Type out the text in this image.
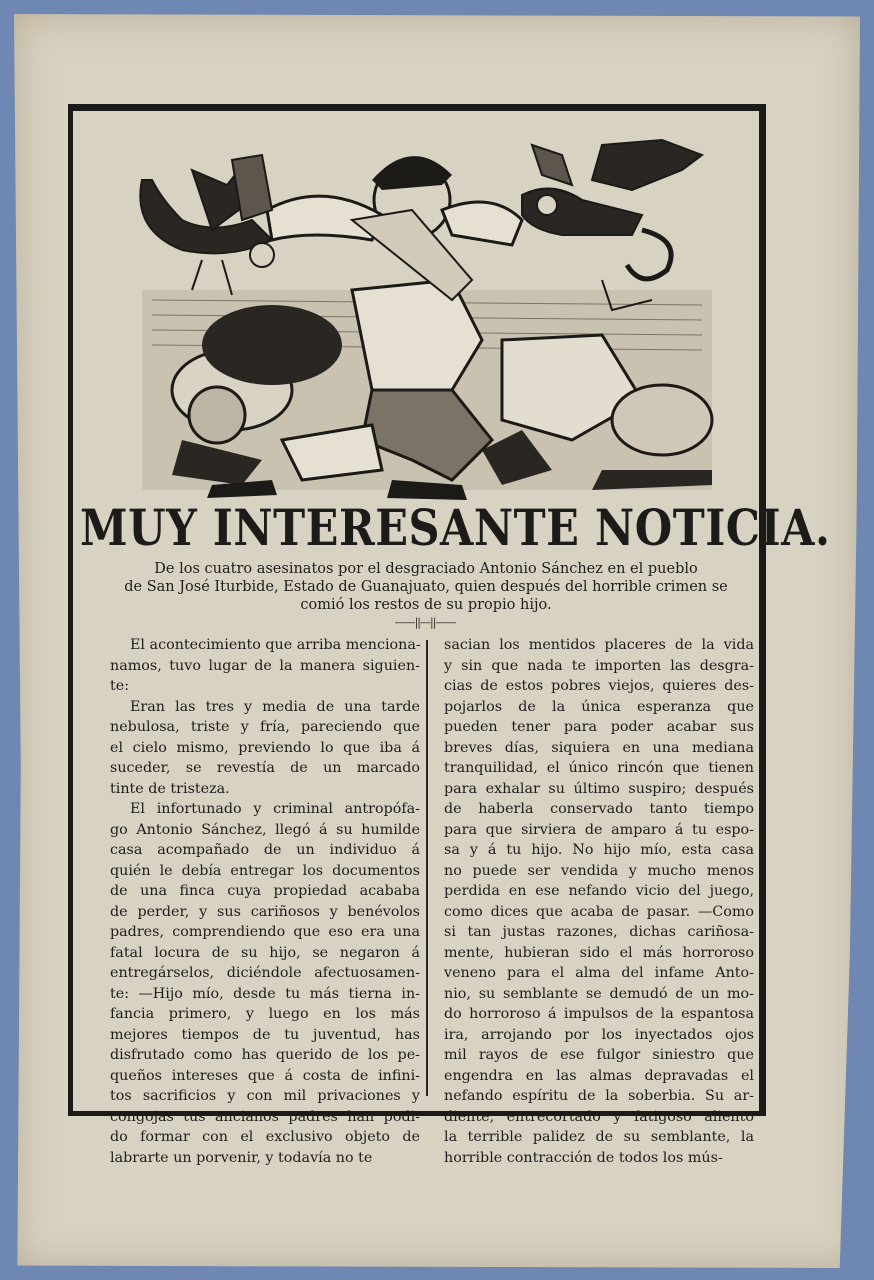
MUY INTERESANTE NOTICIA.
De los cuatro asesinatos por el desgraciado Antonio Sánchez en el pueblo
de San José Iturbide, Estado de Guanajuato, quien después del horrible crimen se
comió los restos de su propio hijo.
——||—||——
El acontecimiento que arriba menciona-
namos, tuvo lugar de la manera siguien-
te:
Eran las tres y media de una tarde
nebulosa, triste y fría, pareciendo que
el cielo mismo, previendo lo que iba á
suceder, se revestía de un marcado
tinte de tristeza.
El infortunado y criminal antropófa-
go Antonio Sánchez, llegó á su humilde
casa acompañado de un individuo á
quién le debía entregar los documentos
de una finca cuya propiedad acababa
de perder, y sus cariñosos y benévolos
padres, comprendiendo que eso era una
fatal locura de su hijo, se negaron á
entregárselos, diciéndole afectuosamen-
te: —Hijo mío, desde tu más tierna in-
fancia primero, y luego en los más
mejores tiempos de tu juventud, has
disfrutado como has querido de los pe-
queños intereses que á costa de infini-
tos sacrificios y con mil privaciones y
congojas tus ancianos padres han podi-
do formar con el exclusivo objeto de
labrarte un porvenir, y todavía no te
sacian los mentidos placeres de la vida
y sin que nada te importen las desgra-
cias de estos pobres viejos, quieres des-
pojarlos de la única esperanza que
pueden tener para poder acabar sus
breves días, siquiera en una mediana
tranquilidad, el único rincón que tienen
para exhalar su último suspiro; después
de haberla conservado tanto tiempo
para que sirviera de amparo á tu espo-
sa y á tu hijo. No hijo mío, esta casa
no puede ser vendida y mucho menos
perdida en ese nefando vicio del juego,
como dices que acaba de pasar. —Como
si tan justas razones, dichas cariñosa-
mente, hubieran sido el más horroroso
veneno para el alma del infame Anto-
nio, su semblante se demudó de un mo-
do horroroso á impulsos de la espantosa
ira, arrojando por los inyectados ojos
mil rayos de ese fulgor siniestro que
engendra en las almas depravadas el
nefando espíritu de la soberbia. Su ar-
diente, entrecortado y fatigoso aliento
la terrible palidez de su semblante, la
horrible contracción de todos los mús-
